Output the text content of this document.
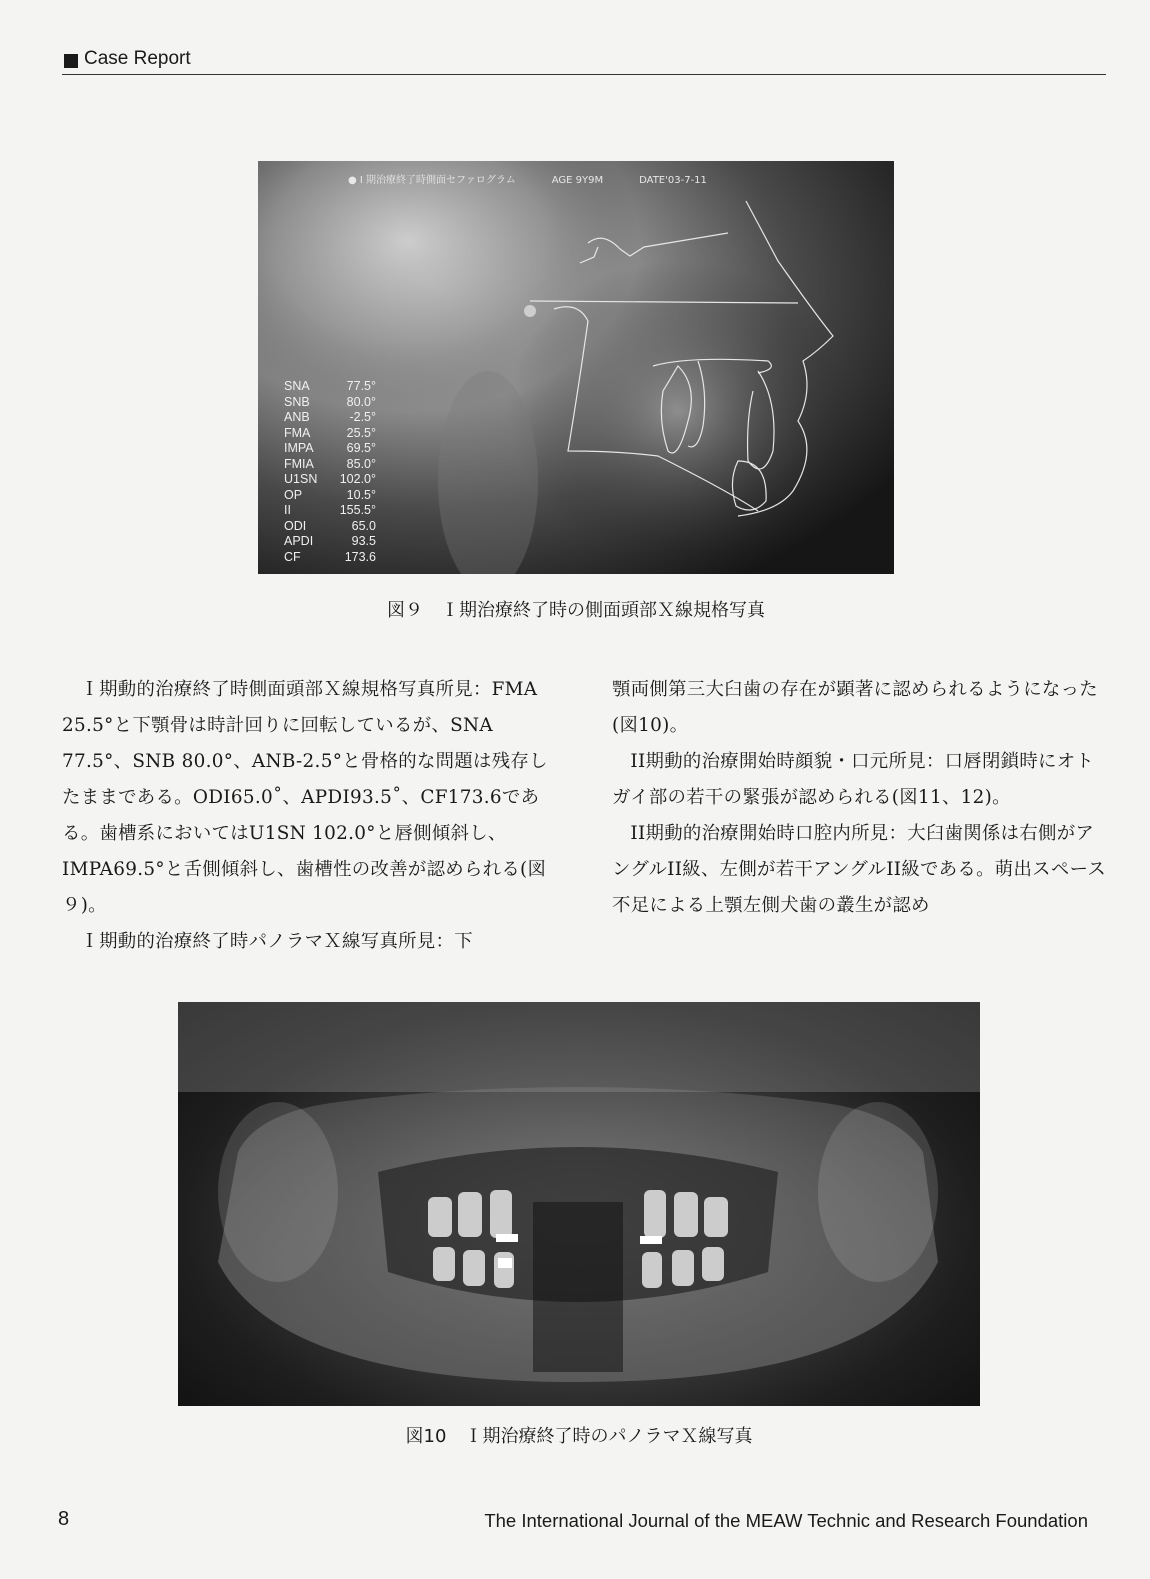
Case Report
● I 期治療終了時側面セファログラム	AGE 9Y9M	DATE'03-7-11
SNA	77.5°
SNB	80.0°
ANB	-2.5°
FMA	25.5°
IMPA	69.5°
FMIA	85.0°
U1SN	102.0°
OP	10.5°
II	155.5°
ODI	65.0
APDI	93.5
CF	173.6
図９　Ｉ期治療終了時の側面頭部Ｘ線規格写真

Ｉ期動的治療終了時側面頭部Ｘ線規格写真所見：FMA 25.5°と下顎骨は時計回りに回転しているが、SNA 77.5°、SNB 80.0°、ANB-2.5°と骨格的な問題は残存したままである。ODI65.0˚、APDI93.5˚、CF173.6である。歯槽系においてはU1SN 102.0°と唇側傾斜し、IMPA69.5°と舌側傾斜し、歯槽性の改善が認められる(図９)。

Ｉ期動的治療終了時パノラマＸ線写真所見：下

顎両側第三大臼歯の存在が顕著に認められるようになった(図10)。

II期動的治療開始時顔貌・口元所見：口唇閉鎖時にオトガイ部の若干の緊張が認められる(図11、12)。

II期動的治療開始時口腔内所見：大臼歯関係は右側がアングルII級、左側が若干アングルII級である。萌出スペース不足による上顎左側犬歯の叢生が認め

図10　Ｉ期治療終了時のパノラマＸ線写真
8	The International Journal of the MEAW Technic and Research Foundation
